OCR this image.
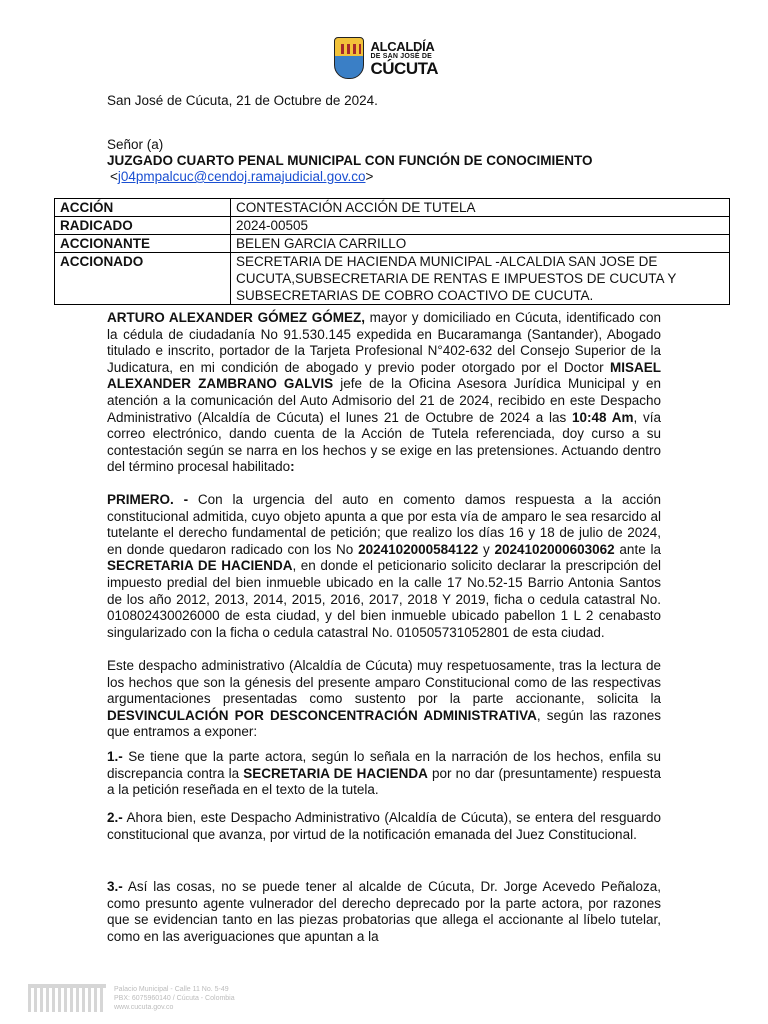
ALCALDÍA
DE SAN JOSÉ DE
CÚCUTA
San José de Cúcuta, 21 de Octubre de 2024.
Señor (a)
JUZGADO CUARTO PENAL MUNICIPAL CON FUNCIÓN DE CONOCIMIENTO
<j04pmpalcuc@cendoj.ramajudicial.gov.co>
ACCIÓN	CONTESTACIÓN ACCIÓN DE TUTELA
RADICADO	2024-00505
ACCIONANTE	BELEN GARCIA CARRILLO
ACCIONADO	SECRETARIA DE HACIENDA MUNICIPAL -ALCALDIA SAN JOSE DE CUCUTA,SUBSECRETARIA DE RENTAS E IMPUESTOS DE CUCUTA Y SUBSECRETARIAS DE COBRO COACTIVO DE CUCUTA.
ARTURO ALEXANDER GÓMEZ GÓMEZ, mayor y domiciliado en Cúcuta, identificado con la cédula de ciudadanía No 91.530.145 expedida en Bucaramanga (Santander), Abogado titulado e inscrito, portador de la Tarjeta Profesional N°402-632 del Consejo Superior de la Judicatura, en mi condición de abogado y previo poder otorgado por el Doctor MISAEL ALEXANDER ZAMBRANO GALVIS jefe de la Oficina Asesora Jurídica Municipal y en atención a la comunicación del Auto Admisorio del 21 de 2024, recibido en este Despacho Administrativo (Alcaldía de Cúcuta) el lunes 21 de Octubre de 2024 a las 10:48 Am, vía correo electrónico, dando cuenta de la Acción de Tutela referenciada, doy curso a su contestación según se narra en los hechos y se exige en las pretensiones. Actuando dentro del término procesal habilitado:
PRIMERO. - Con la urgencia del auto en comento damos respuesta a la acción constitucional admitida, cuyo objeto apunta a que por esta vía de amparo le sea resarcido al tutelante el derecho fundamental de petición; que realizo los días 16 y 18 de julio de 2024, en donde quedaron radicado con los No 2024102000584122 y 2024102000603062 ante la SECRETARIA DE HACIENDA, en donde el peticionario solicito declarar la prescripción del impuesto predial del bien inmueble ubicado en la calle 17 No.52-15 Barrio Antonia Santos de los año 2012, 2013, 2014, 2015, 2016, 2017, 2018 Y 2019, ficha o cedula catastral No. 010802430026000 de esta ciudad, y del bien inmueble ubicado pabellon 1 L 2 cenabasto singularizado con la ficha o cedula catastral No. 010505731052801 de esta ciudad.
Este despacho administrativo (Alcaldía de Cúcuta) muy respetuosamente, tras la lectura de los hechos que son la génesis del presente amparo Constitucional como de las respectivas argumentaciones presentadas como sustento por la parte accionante, solicita la DESVINCULACIÓN POR DESCONCENTRACIÓN ADMINISTRATIVA, según las razones que entramos a exponer:
1.- Se tiene que la parte actora, según lo señala en la narración de los hechos, enfila su discrepancia contra la SECRETARIA DE HACIENDA por no dar (presuntamente) respuesta a la petición reseñada en el texto de la tutela.
2.- Ahora bien, este Despacho Administrativo (Alcaldía de Cúcuta), se entera del resguardo constitucional que avanza, por virtud de la notificación emanada del Juez Constitucional.
3.- Así las cosas, no se puede tener al alcalde de Cúcuta, Dr. Jorge Acevedo Peñaloza, como presunto agente vulnerador del derecho deprecado por la parte actora, por razones que se evidencian tanto en las piezas probatorias que allega el accionante al líbelo tutelar, como en las averiguaciones que apuntan a la
Palacio Municipal - Calle 11 No. 5-49
PBX: 6075960140 / Cúcuta - Colombia
www.cucuta.gov.co
